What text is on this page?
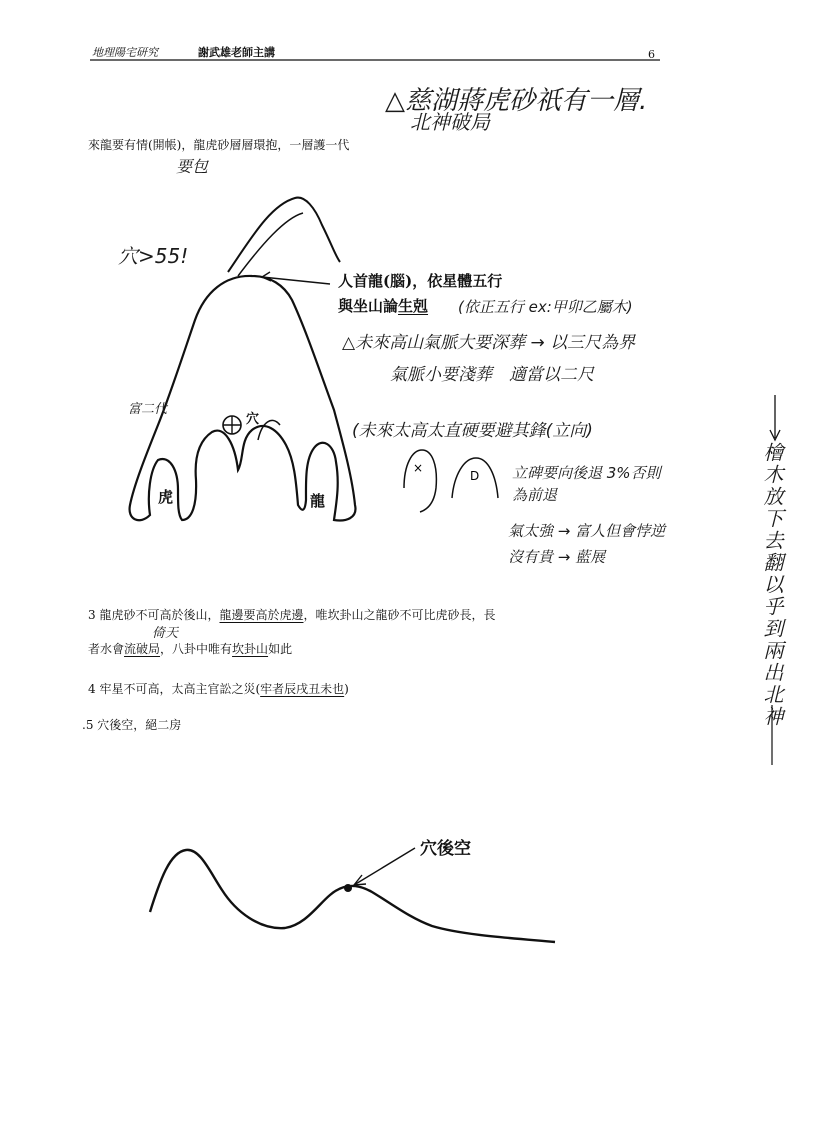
地理陽宅研究	謝武雄老師主講	6
×
D
△慈湖蔣虎砂祇有一層.
北神破局
來龍要有情(開帳)，龍虎砂層層環抱，一層護一代
要包
穴>55!
人首龍(腦)，依星體五行
與坐山論生剋 (依正五行 ex:甲卯乙屬木)
△未來高山氣脈大要深葬 → 以三尺為界
氣脈小要淺葬　適當以二尺
(未來太高太直硬要避其鋒(立向)
立碑要向後退 3%否則
為前退
氣太強 → 富人但會悖逆
沒有貴 → 藍展
富二代
穴
虎	龍	檜木放下去翻以乎到兩出北神
3 龍虎砂不可高於後山，龍邊要高於虎邊，唯坎卦山之龍砂不可比虎砂長，長
倚天
者水會流破局，八卦中唯有坎卦山如此
4 牢星不可高，太高主官訟之災(牢者辰戌丑未也)
.5 穴後空，絕二房
穴後空
